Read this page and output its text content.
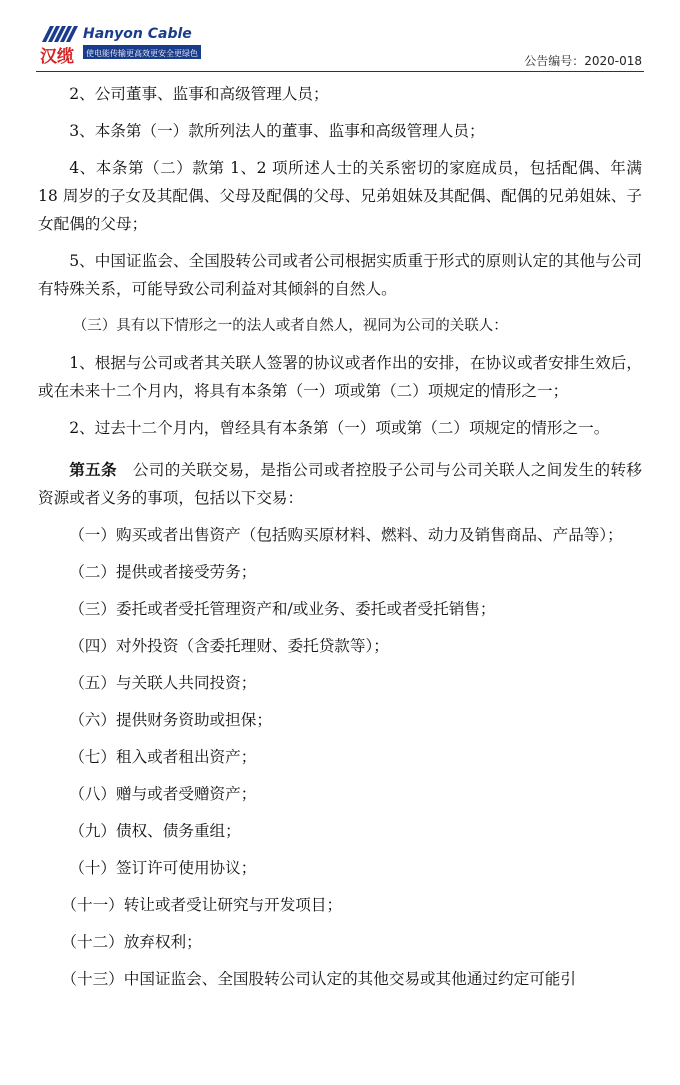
汉缆
Hanyon Cable
使电能传输更高效更安全更绿色
公告编号：2020-018

2、公司董事、监事和高级管理人员；

3、本条第（一）款所列法人的董事、监事和高级管理人员；

4、本条第（二）款第 1、2 项所述人士的关系密切的家庭成员，包括配偶、年满 18 周岁的子女及其配偶、父母及配偶的父母、兄弟姐妹及其配偶、配偶的兄弟姐妹、子女配偶的父母；

5、中国证监会、全国股转公司或者公司根据实质重于形式的原则认定的其他与公司有特殊关系，可能导致公司利益对其倾斜的自然人。

（三）具有以下情形之一的法人或者自然人，视同为公司的关联人：

1、根据与公司或者其关联人签署的协议或者作出的安排，在协议或者安排生效后，或在未来十二个月内，将具有本条第（一）项或第（二）项规定的情形之一；

2、过去十二个月内，曾经具有本条第（一）项或第（二）项规定的情形之一。

第五条　公司的关联交易，是指公司或者控股子公司与公司关联人之间发生的转移资源或者义务的事项，包括以下交易：

（一）购买或者出售资产（包括购买原材料、燃料、动力及销售商品、产品等）；

（二）提供或者接受劳务；

（三）委托或者受托管理资产和/或业务、委托或者受托销售；

（四）对外投资（含委托理财、委托贷款等）；

（五）与关联人共同投资；

（六）提供财务资助或担保；

（七）租入或者租出资产；

（八）赠与或者受赠资产；

（九）债权、债务重组；

（十）签订许可使用协议；

（十一）转让或者受让研究与开发项目；

（十二）放弃权利；

（十三）中国证监会、全国股转公司认定的其他交易或其他通过约定可能引
